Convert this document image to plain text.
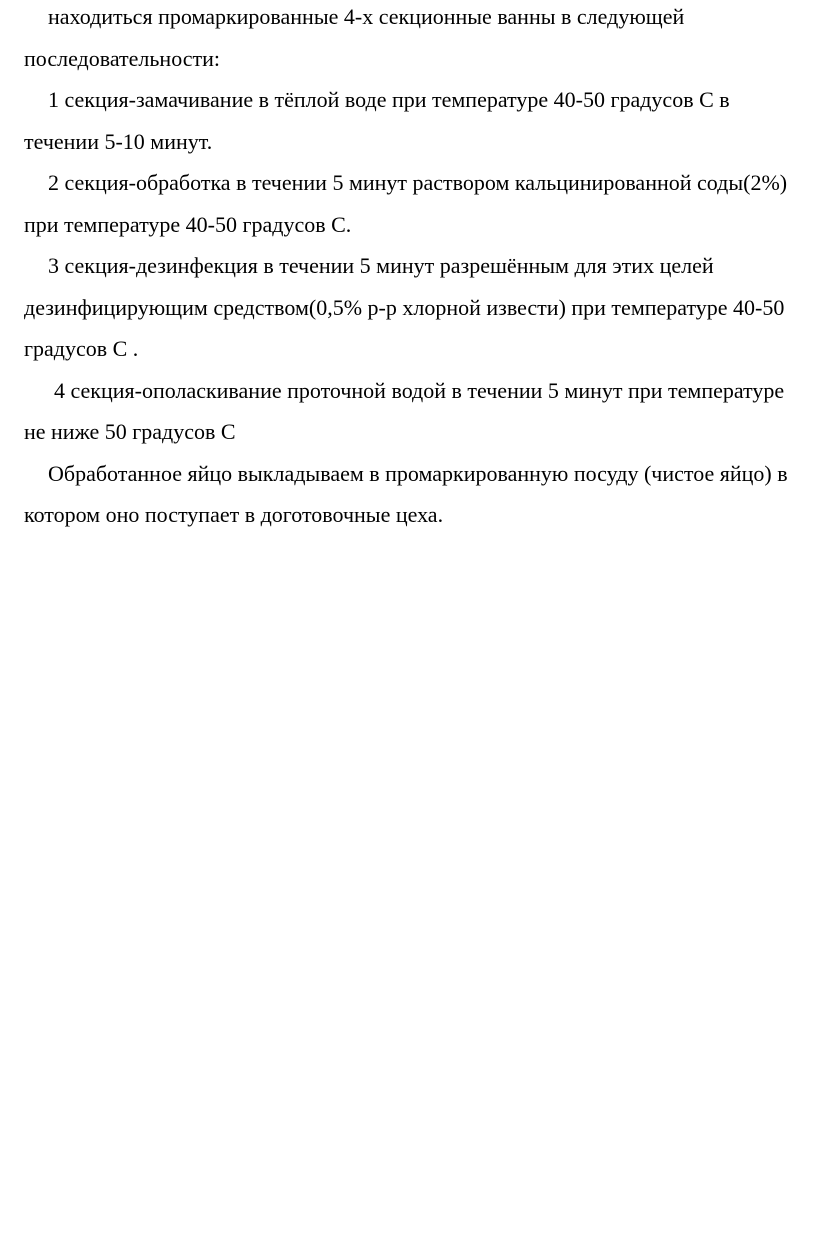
находиться промаркированные 4-х секционные ванны в следующей последовательности:

1 секция-замачивание в тёплой воде при температуре 40-50 градусов С в течении 5-10 минут.

2 секция-обработка в течении 5 минут раствором кальцинированной соды(2%) при температуре 40-50 градусов С.

3 секция-дезинфекция в течении 5 минут разрешённым для этих целей дезинфицирующим средством(0,5% р-р хлорной извести) при температуре 40-50 градусов С .

4 секция-ополаскивание проточной водой в течении 5 минут при температуре не ниже 50 градусов С

Обработанное яйцо выкладываем в промаркированную посуду (чистое яйцо) в котором оно поступает в доготовочные цеха.
